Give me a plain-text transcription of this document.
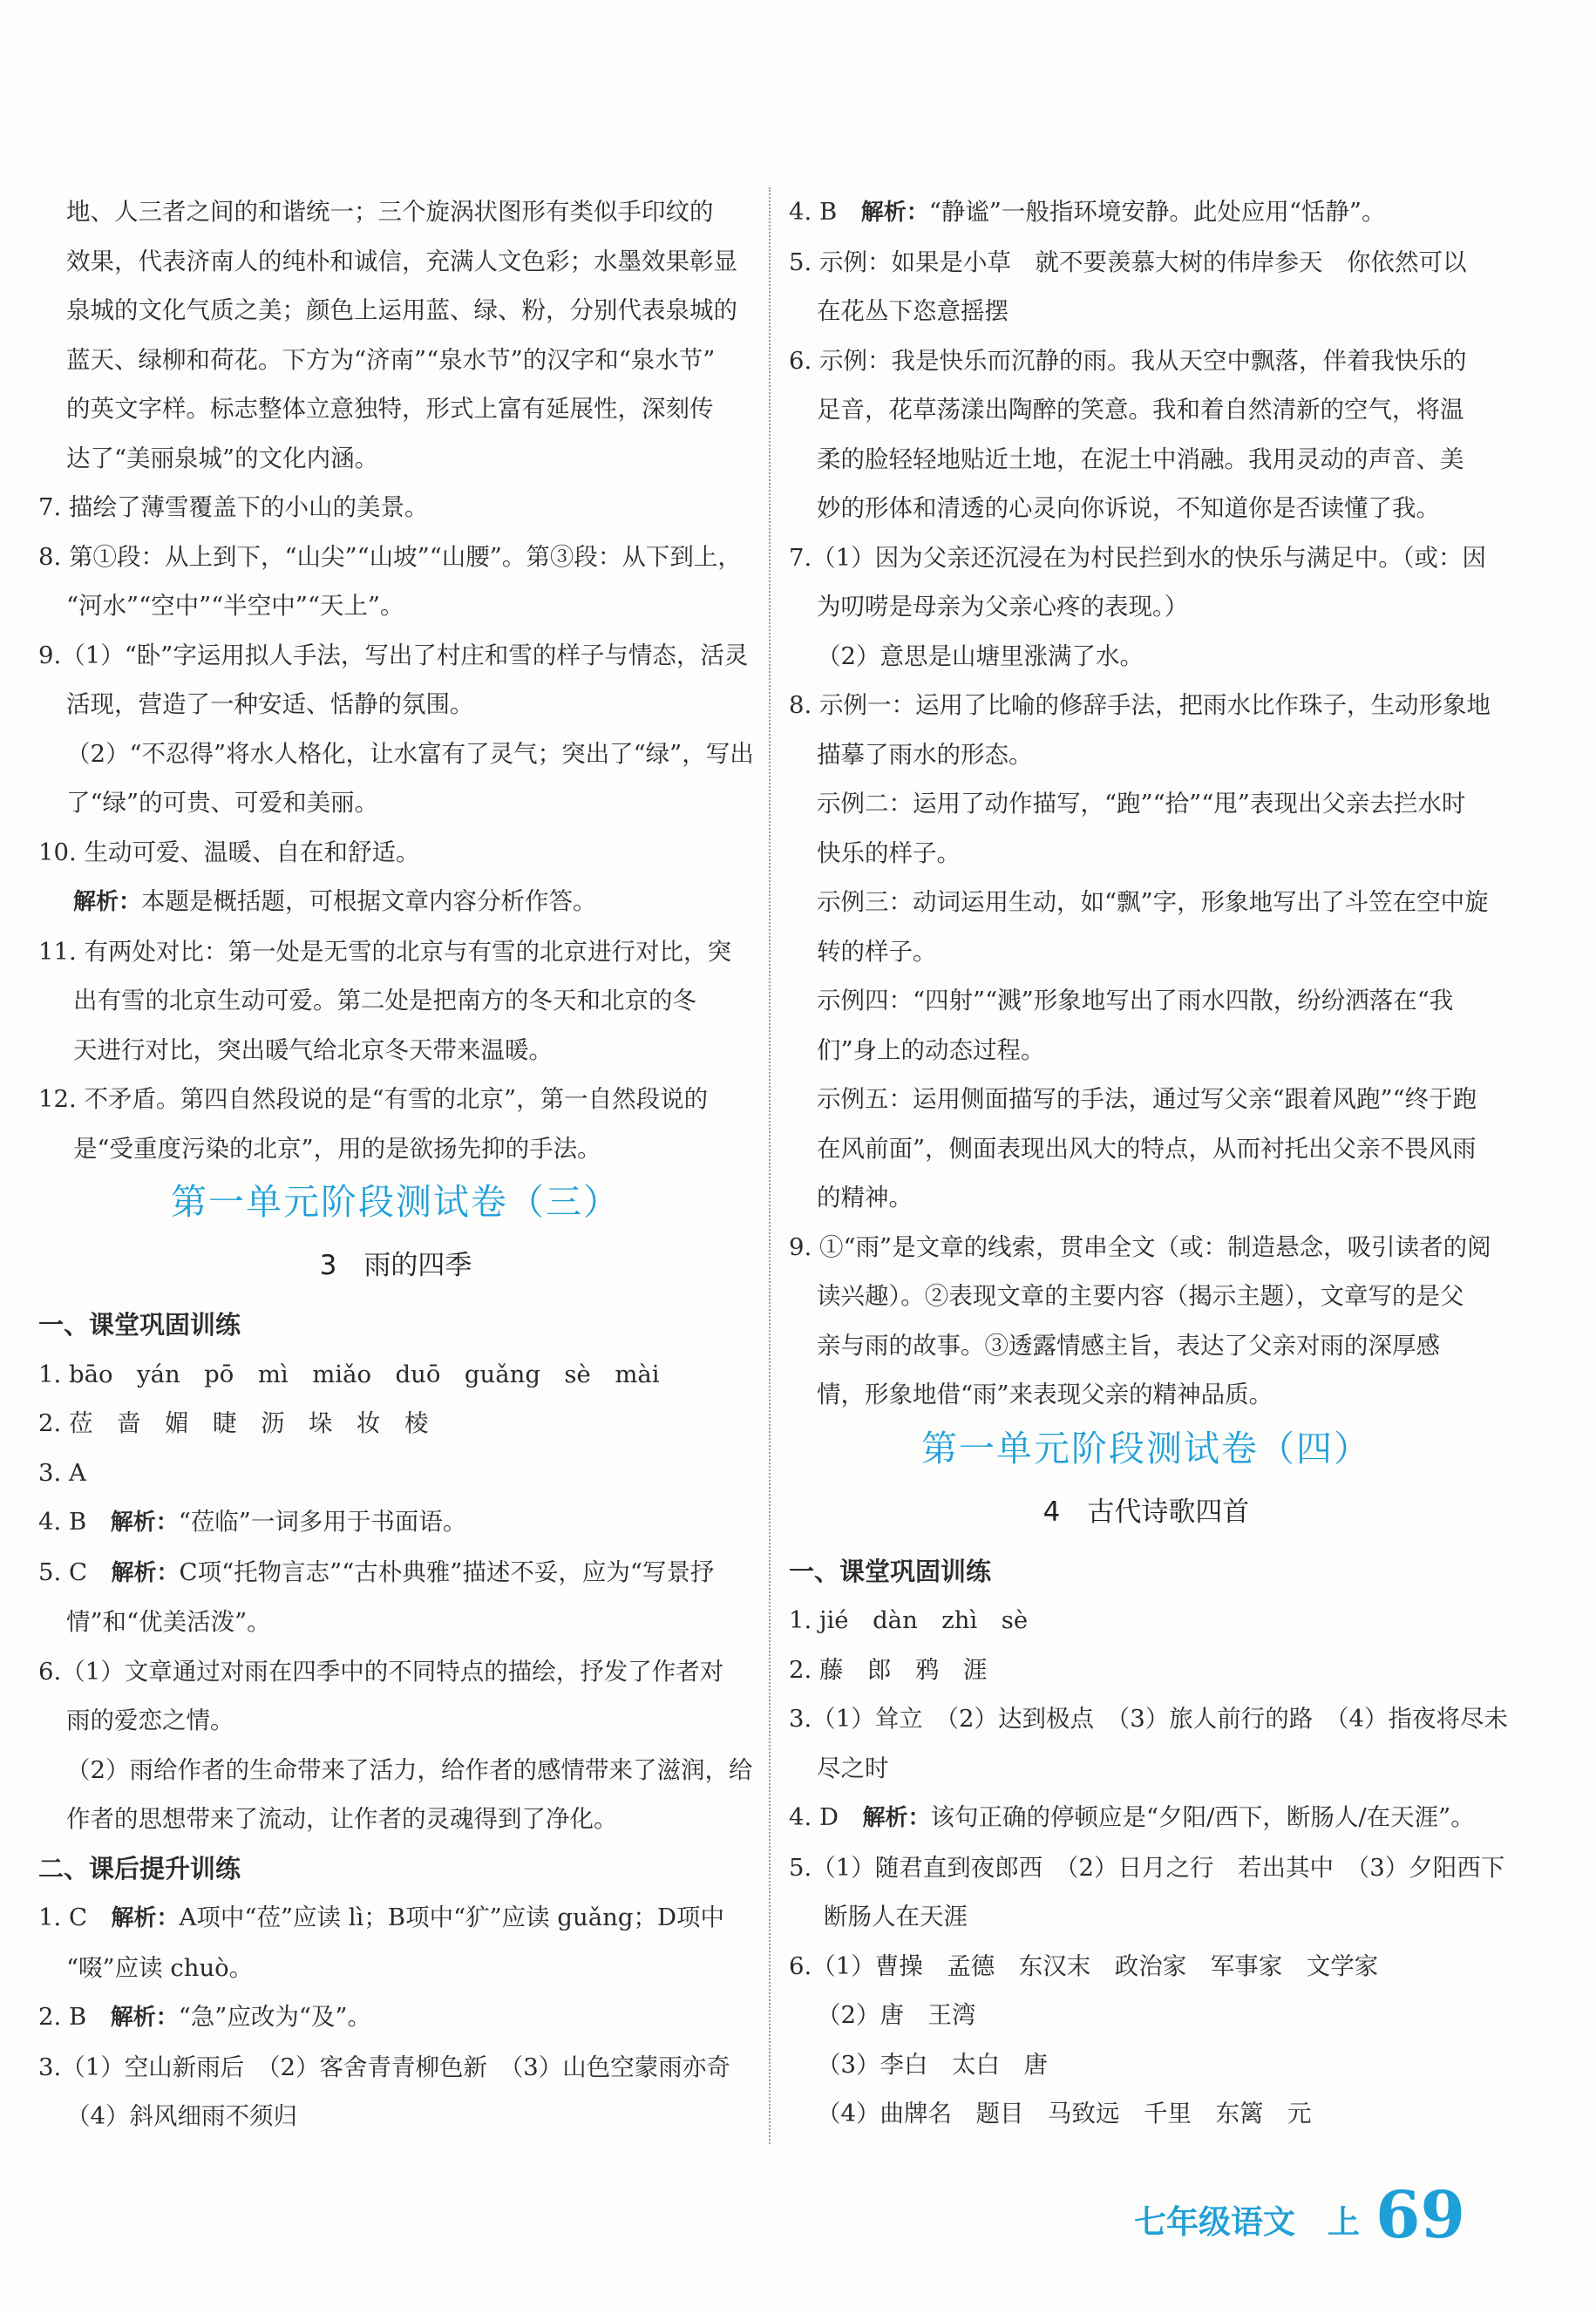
地、人三者之间的和谐统一；三个旋涡状图形有类似手印纹的

效果，代表济南人的纯朴和诚信，充满人文色彩；水墨效果彰显

泉城的文化气质之美；颜色上运用蓝、绿、粉，分别代表泉城的

蓝天、绿柳和荷花。下方为“济南”“泉水节”的汉字和“泉水节”

的英文字样。标志整体立意独特，形式上富有延展性，深刻传

达了“美丽泉城”的文化内涵。

7. 描绘了薄雪覆盖下的小山的美景。

8. 第①段：从上到下，“山尖”“山坡”“山腰”。第③段：从下到上，

“河水”“空中”“半空中”“天上”。

9.（1）“卧”字运用拟人手法，写出了村庄和雪的样子与情态，活灵

活现，营造了一种安适、恬静的氛围。

（2）“不忍得”将水人格化，让水富有了灵气；突出了“绿”，写出

了“绿”的可贵、可爱和美丽。

10. 生动可爱、温暖、自在和舒适。

解析：本题是概括题，可根据文章内容分析作答。

11. 有两处对比：第一处是无雪的北京与有雪的北京进行对比，突

出有雪的北京生动可爱。第二处是把南方的冬天和北京的冬

天进行对比，突出暖气给北京冬天带来温暖。

12. 不矛盾。第四自然段说的是“有雪的北京”，第一自然段说的

是“受重度污染的北京”，用的是欲扬先抑的手法。

第一单元阶段测试卷（三）
3　雨的四季

一、课堂巩固训练

1. bāo　yán　pō　mì　miǎo　duō　guǎng　sè　mài

2. 莅　啬　媚　睫　沥　垛　妆　棱

3. A

4. B　解析：“莅临”一词多用于书面语。

5. C　解析：C项“托物言志”“古朴典雅”描述不妥，应为“写景抒

情”和“优美活泼”。

6.（1）文章通过对雨在四季中的不同特点的描绘，抒发了作者对

雨的爱恋之情。

（2）雨给作者的生命带来了活力，给作者的感情带来了滋润，给

作者的思想带来了流动，让作者的灵魂得到了净化。

二、课后提升训练

1. C　解析：A项中“莅”应读 lì；B项中“犷”应读 guǎng；D项中

“啜”应读 chuò。

2. B　解析：“急”应改为“及”。

3.（1）空山新雨后　（2）客舍青青柳色新　（3）山色空蒙雨亦奇

（4）斜风细雨不须归

4. B　解析：“静谧”一般指环境安静。此处应用“恬静”。

5. 示例：如果是小草　就不要羡慕大树的伟岸参天　你依然可以

在花丛下恣意摇摆

6. 示例：我是快乐而沉静的雨。我从天空中飘落，伴着我快乐的

足音，花草荡漾出陶醉的笑意。我和着自然清新的空气，将温

柔的脸轻轻地贴近土地，在泥土中消融。我用灵动的声音、美

妙的形体和清透的心灵向你诉说，不知道你是否读懂了我。

7.（1）因为父亲还沉浸在为村民拦到水的快乐与满足中。（或：因

为叨唠是母亲为父亲心疼的表现。）

（2）意思是山塘里涨满了水。

8. 示例一：运用了比喻的修辞手法，把雨水比作珠子，生动形象地

描摹了雨水的形态。

示例二：运用了动作描写，“跑”“拾”“甩”表现出父亲去拦水时

快乐的样子。

示例三：动词运用生动，如“飘”字，形象地写出了斗笠在空中旋

转的样子。

示例四：“四射”“溅”形象地写出了雨水四散，纷纷洒落在“我

们”身上的动态过程。

示例五：运用侧面描写的手法，通过写父亲“跟着风跑”“终于跑

在风前面”，侧面表现出风大的特点，从而衬托出父亲不畏风雨

的精神。

9. ①“雨”是文章的线索，贯串全文（或：制造悬念，吸引读者的阅

读兴趣）。②表现文章的主要内容（揭示主题），文章写的是父

亲与雨的故事。③透露情感主旨，表达了父亲对雨的深厚感

情，形象地借“雨”来表现父亲的精神品质。

第一单元阶段测试卷（四）
4　古代诗歌四首

一、课堂巩固训练

1. jié　dàn　zhì　sè

2. 藤　郎　鸦　涯

3.（1）耸立　（2）达到极点　（3）旅人前行的路　（4）指夜将尽未

尽之时

4. D　解析：该句正确的停顿应是“夕阳/西下，断肠人/在天涯”。

5.（1）随君直到夜郎西　（2）日月之行　若出其中　（3）夕阳西下

断肠人在天涯

6.（1）曹操　孟德　东汉末　政治家　军事家　文学家

（2）唐　王湾

（3）李白　太白　唐

（4）曲牌名　题目　马致远　千里　东篱　元

七年级语文　上 69
